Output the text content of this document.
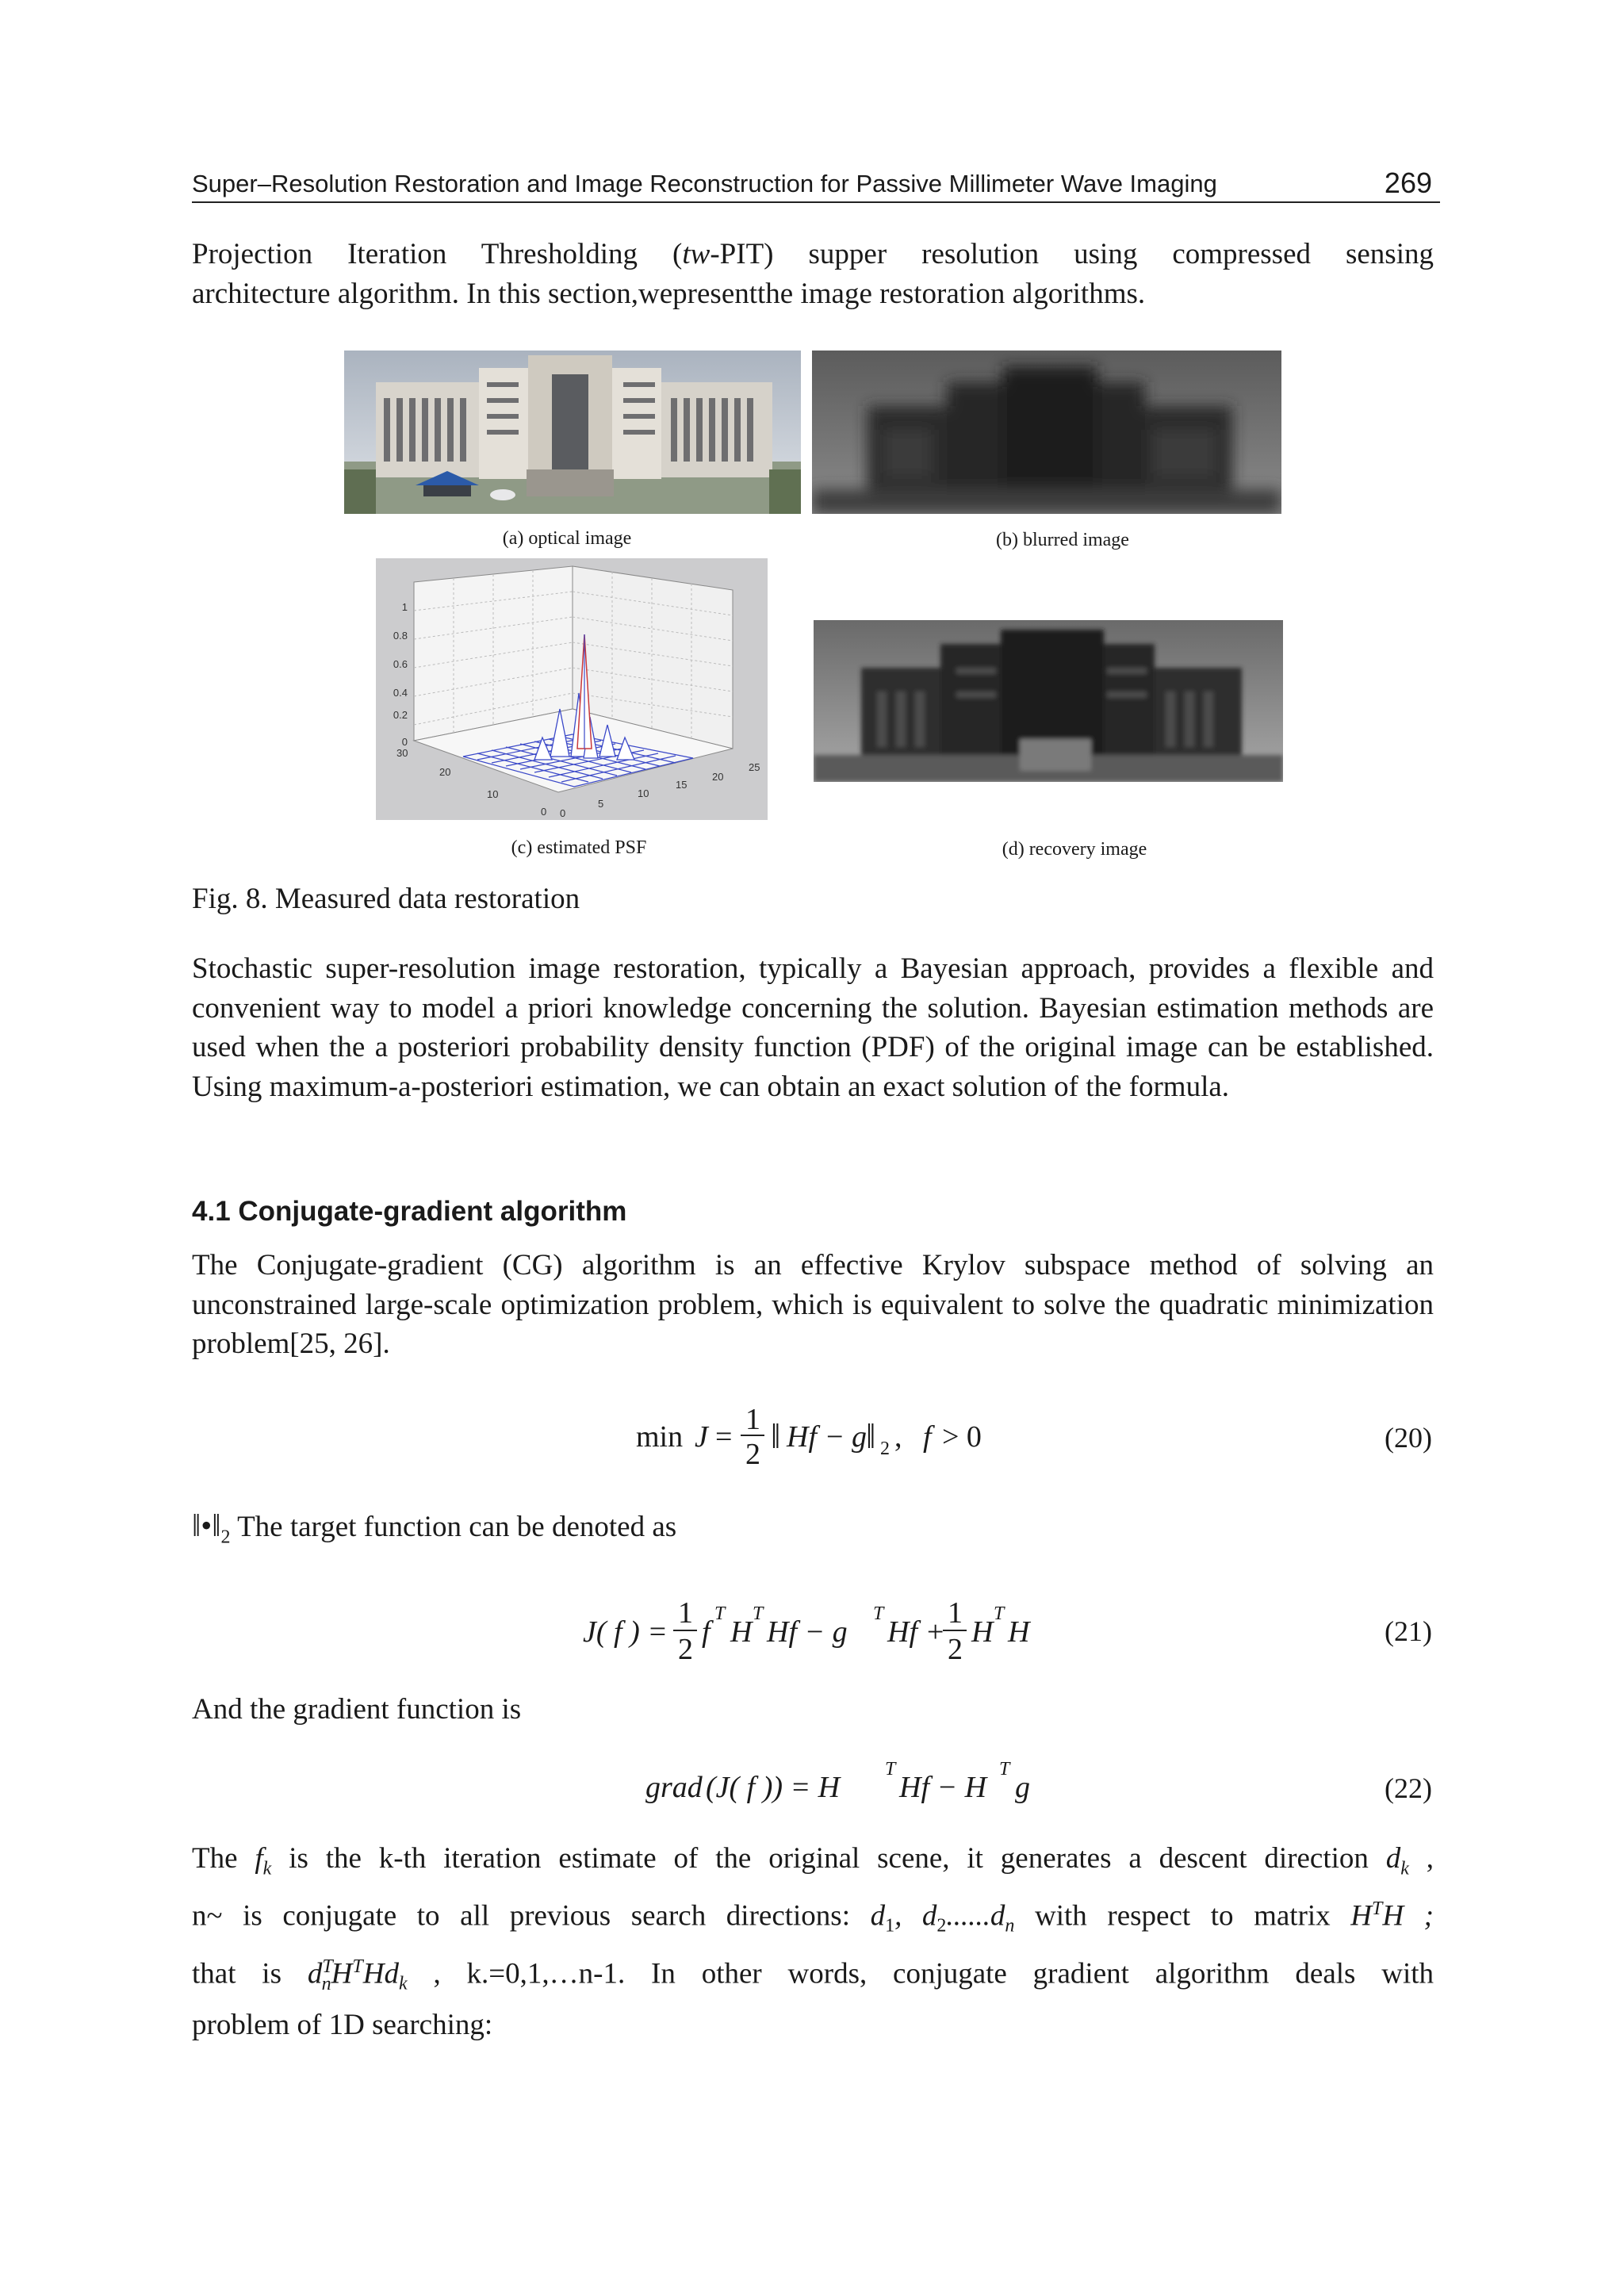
Super–Resolution Restoration and Image Reconstruction for Passive Millimeter Wave Imaging	269
Projection Iteration Thresholding (tw-PIT) supper resolution using compressed sensing
architecture algorithm. In this section,wepresentthe image restoration algorithms.
(a) optical image	(b) blurred image
1
0.8
0.6
0.4
0.2
0
30
20
10
0 0
5
10
15
20
25
(c) estimated PSF	(d) recovery image
Fig. 8. Measured data restoration
Stochastic super-resolution image restoration, typically a Bayesian approach, provides a flexible and convenient way to model a priori knowledge concerning the solution. Bayesian estimation methods are used when the a posteriori probability density function (PDF) of the original image can be established. Using maximum-a-posteriori estimation, we can obtain an exact solution of the formula.
4.1 Conjugate-gradient algorithm
The Conjugate-gradient (CG) algorithm is an effective Krylov subspace method of solving an unconstrained large-scale optimization problem, which is equivalent to solve the quadratic minimization problem[25, 26].
min J =
1
2 ‖ Hf − g ‖ 2 , f > 0	(20)
$‖•‖_2$ The target function can be denoted as
J( f ) =
1
2
f
T
H
T
Hf − g
T
Hf +
1
2
H
T
H	(21)
And the gradient function is
grad (J( f )) = H
T
Hf − H
T
g	(22)
The $f_k$ is the k-th iteration estimate of the original scene, it generates a descent direction $d_k$ ,
n~ is conjugate to all previous search directions: $d_1$, $d_2......d_n$ with respect to matrix $H^TH$ ;
that is $d^T_nH^THd_k$ , k.=0,1,…n-1. In other words, conjugate gradient algorithm deals with
problem of 1D searching:
